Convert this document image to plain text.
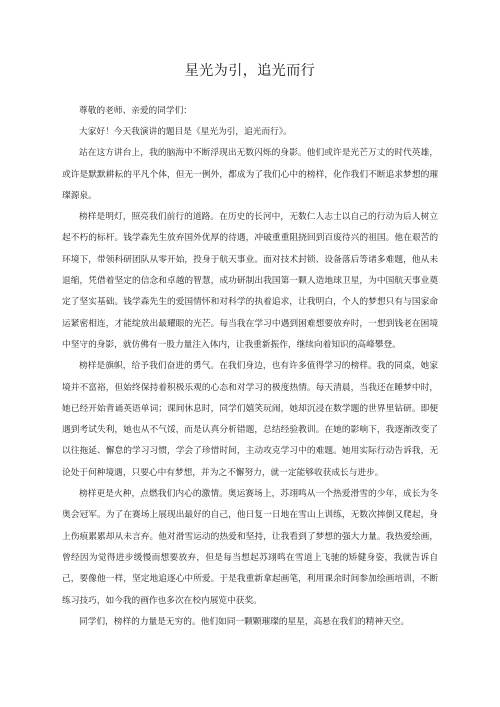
星光为引，追光而行

尊敬的老师、亲爱的同学们：

大家好！今天我演讲的题目是《星光为引，追光而行》。

站在这方讲台上，我的脑海中不断浮现出无数闪烁的身影。他们或许是光芒万丈的时代英雄，或许是默默耕耘的平凡个体，但无一例外，都成为了我们心中的榜样，化作我们不断追求梦想的璀璨源泉。

榜样是明灯，照亮我们前行的道路。在历史的长河中，无数仁人志士以自己的行动为后人树立起不朽的标杆。钱学森先生放弃国外优厚的待遇，冲破重重阻挠回到百废待兴的祖国。他在艰苦的环境下，带领科研团队从零开始，投身于航天事业。面对技术封锁、设备落后等诸多难题，他从未退缩，凭借着坚定的信念和卓越的智慧，成功研制出我国第一颗人造地球卫星，为中国航天事业奠定了坚实基础。钱学森先生的爱国情怀和对科学的执着追求，让我明白，个人的梦想只有与国家命运紧密相连，才能绽放出最耀眼的光芒。每当我在学习中遇到困难想要放弃时，一想到钱老在困境中坚守的身影，就仿佛有一股力量注入体内，让我重新振作，继续向着知识的高峰攀登。

榜样是旗帜，给予我们奋进的勇气。在我们身边，也有许多值得学习的榜样。我的同桌，她家境并不富裕，但始终保持着积极乐观的心态和对学习的极度热情。每天清晨，当我还在睡梦中时，她已经开始背诵英语单词；课间休息时，同学们嬉笑玩闹，她却沉浸在数学题的世界里钻研。即便遇到考试失利，她也从不气馁，而是认真分析错题，总结经验教训。在她的影响下，我逐渐改变了以往拖延、懈怠的学习习惯，学会了珍惜时间，主动攻克学习中的难题。她用实际行动告诉我，无论处于何种境遇，只要心中有梦想，并为之不懈努力，就一定能够收获成长与进步。

榜样更是火种，点燃我们内心的激情。奥运赛场上，苏翊鸣从一个热爱滑雪的少年，成长为冬奥会冠军。为了在赛场上展现出最好的自己，他日复一日地在雪山上训练，无数次摔倒又爬起，身上伤痕累累却从未言弃。他对滑雪运动的热爱和坚持，让我看到了梦想的强大力量。我热爱绘画，曾经因为觉得进步缓慢而想要放弃，但是每当想起苏翊鸣在雪道上飞驰的矫健身姿，我就告诉自己，要像他一样，坚定地追逐心中所爱。于是我重新拿起画笔，利用课余时间参加绘画培训，不断练习技巧，如今我的画作也多次在校内展览中获奖。

同学们，榜样的力量是无穷的。他们如同一颗颗璀璨的星星，高悬在我们的精神天空。
